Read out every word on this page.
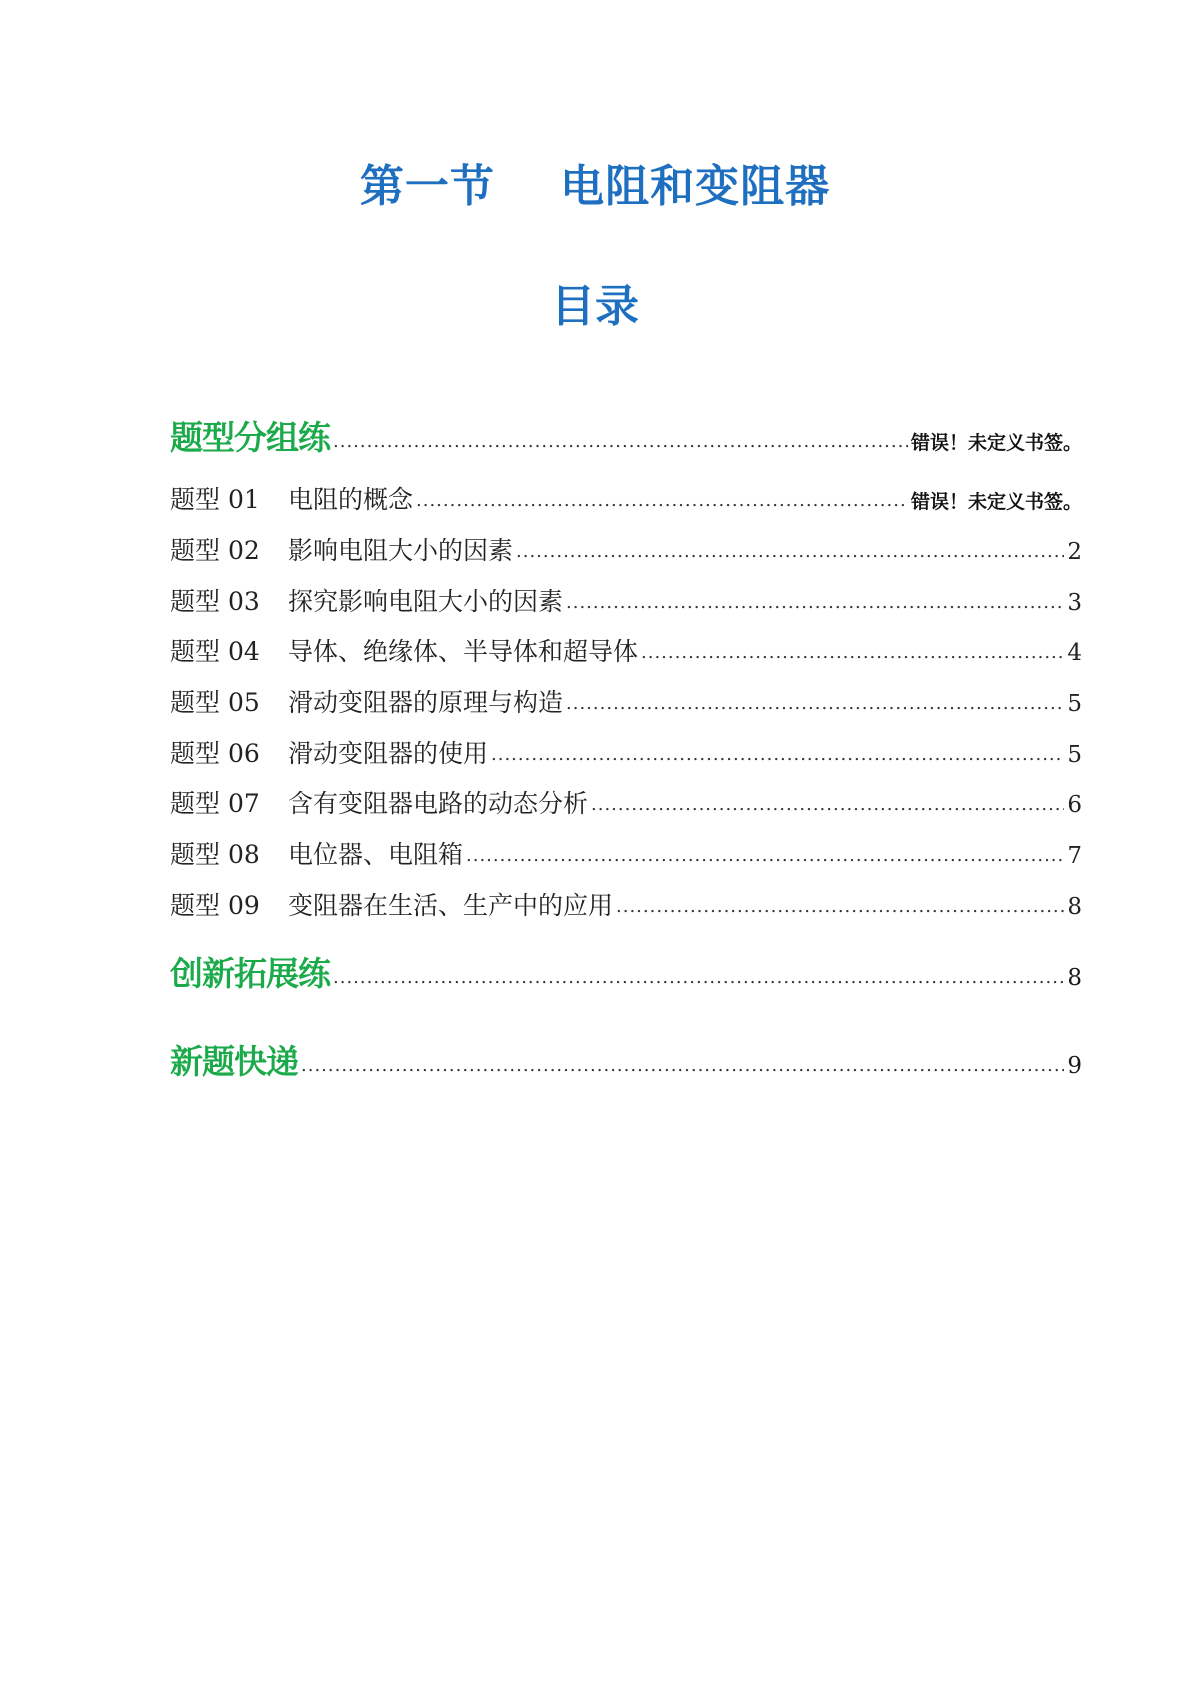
第一节    电阻和变阻器
目录
题型分组练 .....	错误！未定义书签。
题型 01 电阻的概念 .....	错误！未定义书签。
题型 02 影响电阻大小的因素 .....	2
题型 03 探究影响电阻大小的因素 .....	3
题型 04 导体、绝缘体、半导体和超导体 .....	4
题型 05 滑动变阻器的原理与构造 .....	5
题型 06 滑动变阻器的使用 .....	5
题型 07 含有变阻器电路的动态分析 .....	6
题型 08 电位器、电阻箱 .....	7
题型 09 变阻器在生活、生产中的应用 .....	8
创新拓展练 .....	8
新题快递 .....	9
